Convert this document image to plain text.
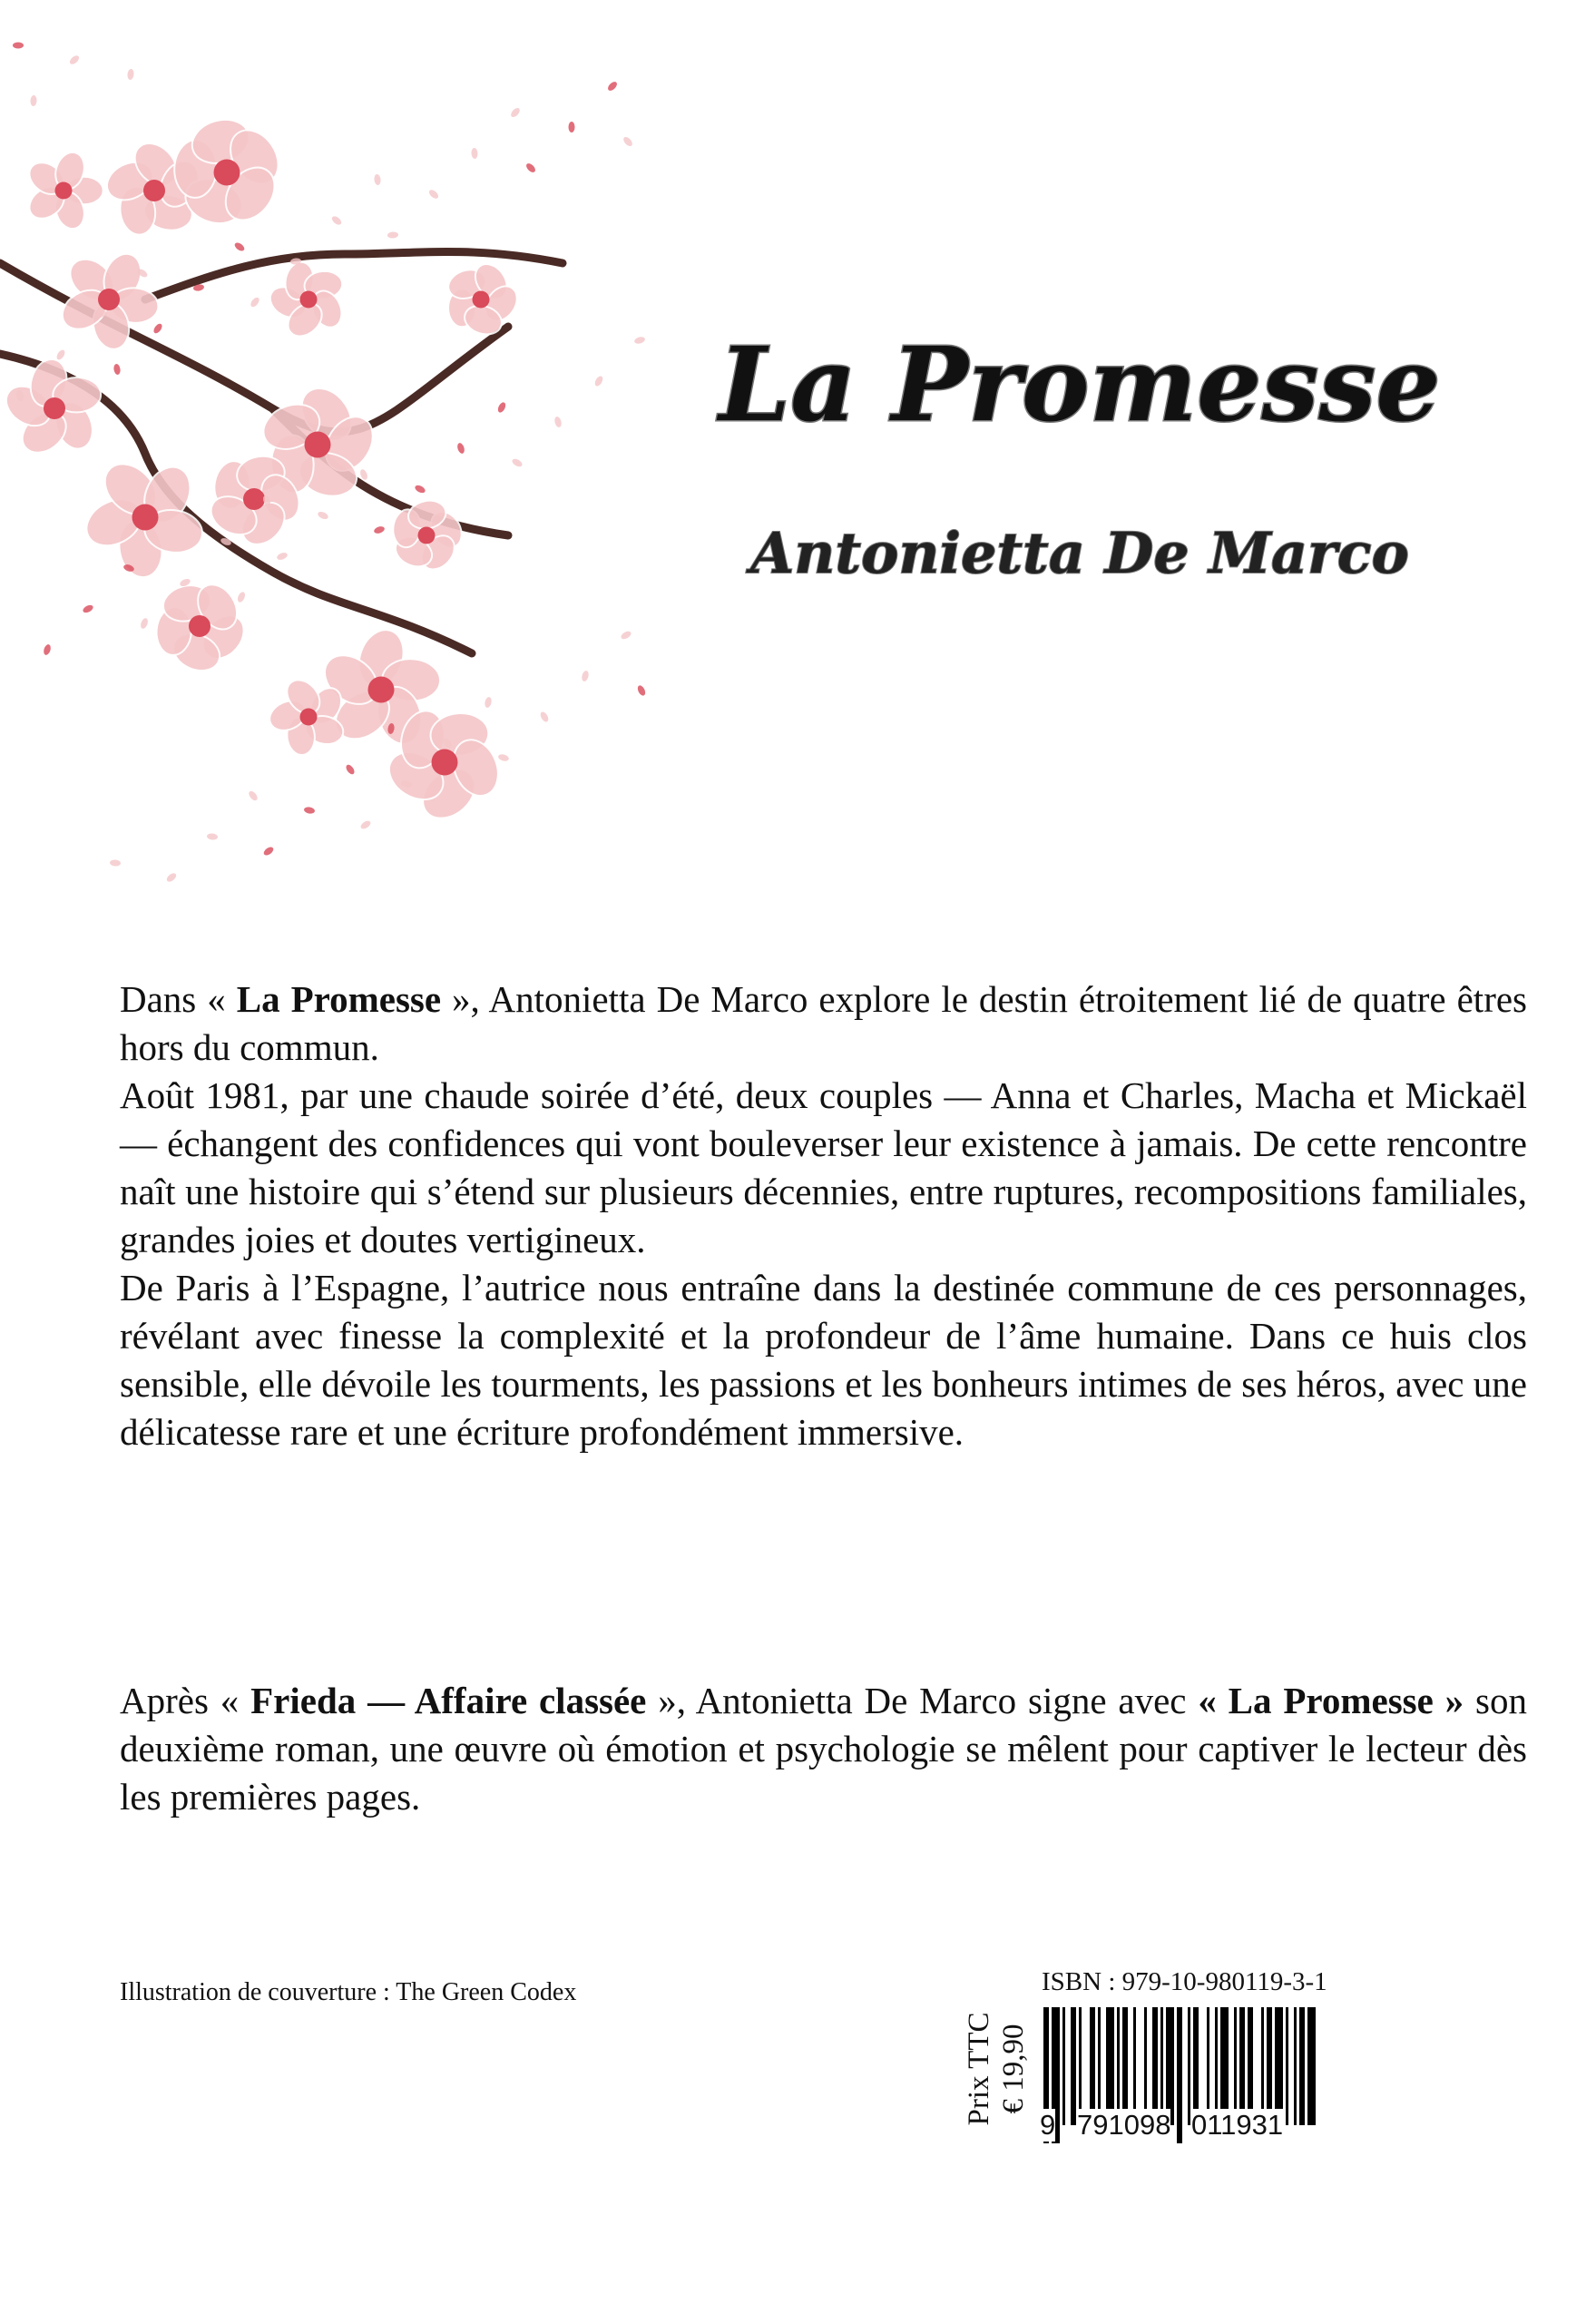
La Promesse
Antonietta De Marco

Dans « La Promesse », Antonietta De Marco explore le destin étroitement lié de quatre êtres hors du commun.

Août 1981, par une chaude soirée d’été, deux couples — Anna et Charles, Macha et Mickaël — échangent des confidences qui vont bouleverser leur existence à jamais. De cette rencontre naît une histoire qui s’étend sur plusieurs décennies, entre ruptures, recompositions familiales, grandes joies et doutes vertigineux.

De Paris à l’Espagne, l’autrice nous entraîne dans la destinée commune de ces personnages, révélant avec finesse la complexité et la profondeur de l’âme humaine. Dans ce huis clos sensible, elle dévoile les tourments, les passions et les bonheurs intimes de ses héros, avec une délicatesse rare et une écriture profondément immersive.

Après « Frieda — Affaire classée », Antonietta De Marco signe avec « La Promesse » son deuxième roman, une œuvre où émotion et psychologie se mêlent pour captiver le lecteur dès les premières pages.

Illustration de couverture : The Green Codex	ISBN : 979-10-980119-3-1
Prix TTC € 19,90
9 791098 011931
